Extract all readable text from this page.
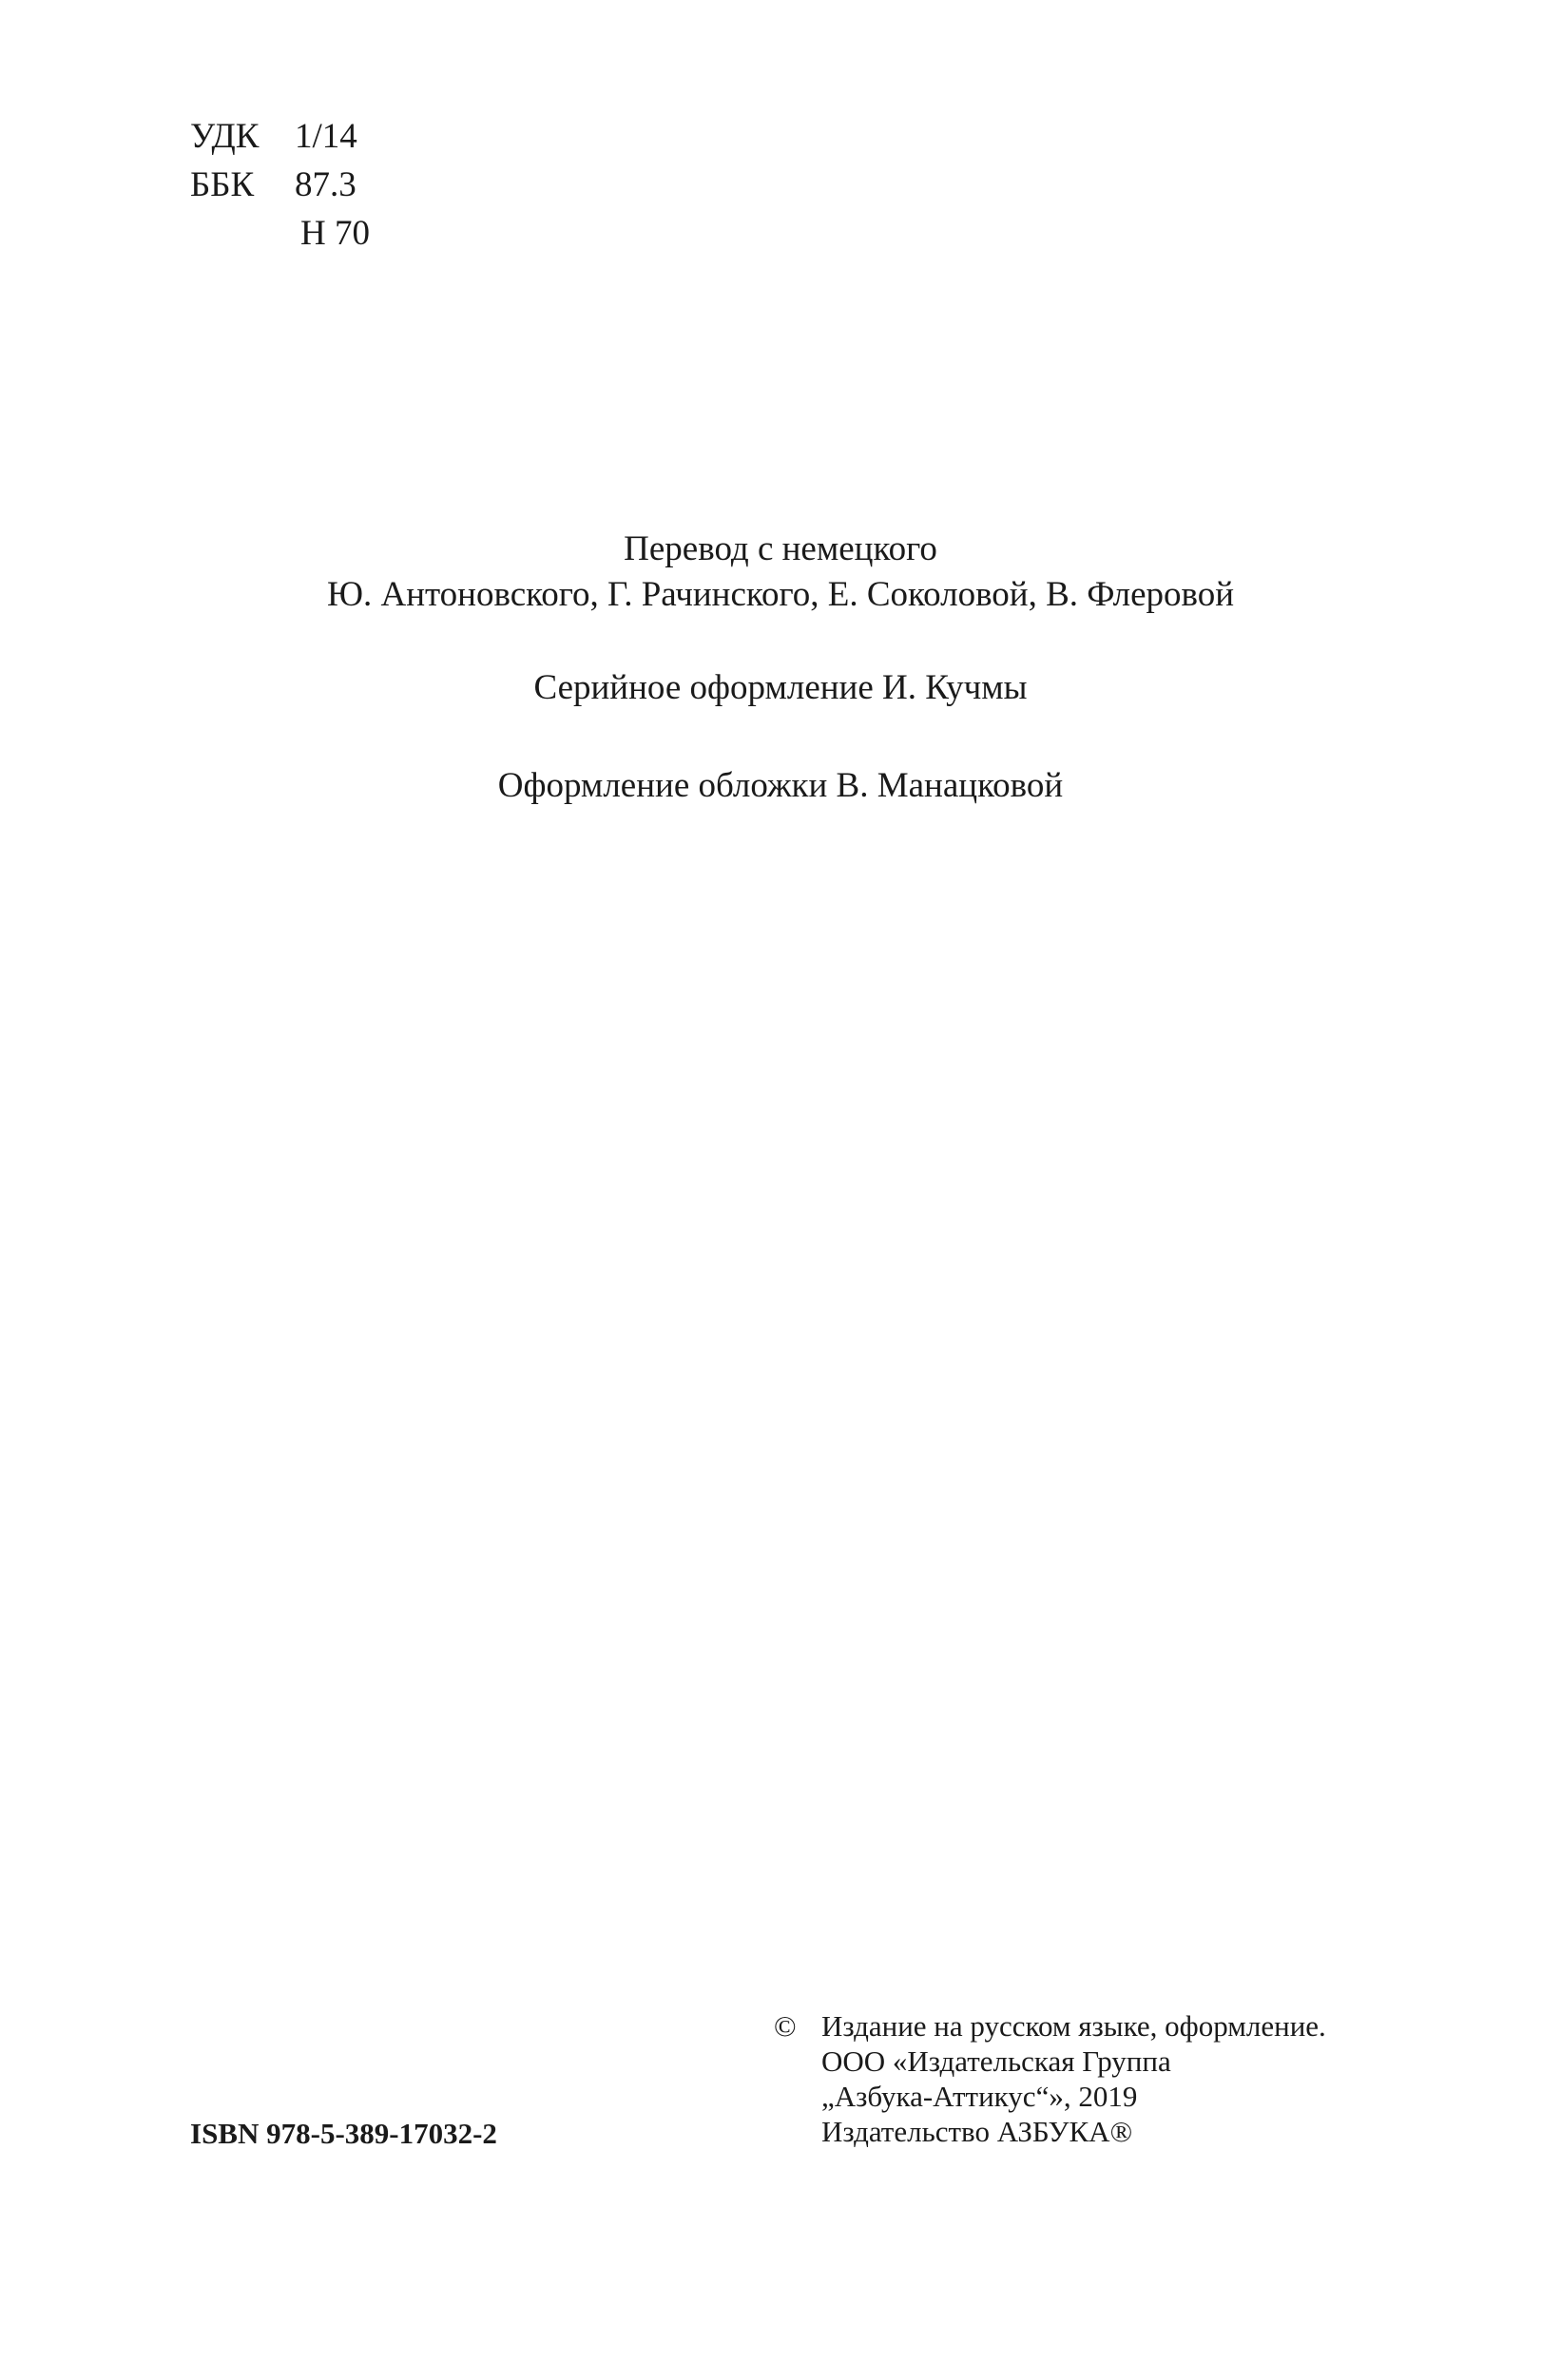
УДК	1/14
ББК	87.3
Н 70
Перевод с немецкого
Ю. Антоновского, Г. Рачинского, Е. Соколовой, В. Флеровой
Серийное оформление И. Кучмы
Оформление обложки В. Манацковой
ISBN 978-5-389-17032-2
© Издание на русском языке, оформление.
ООО «Издательская Группа
„Азбука-Аттикус“», 2019
Издательство АЗБУКА®
